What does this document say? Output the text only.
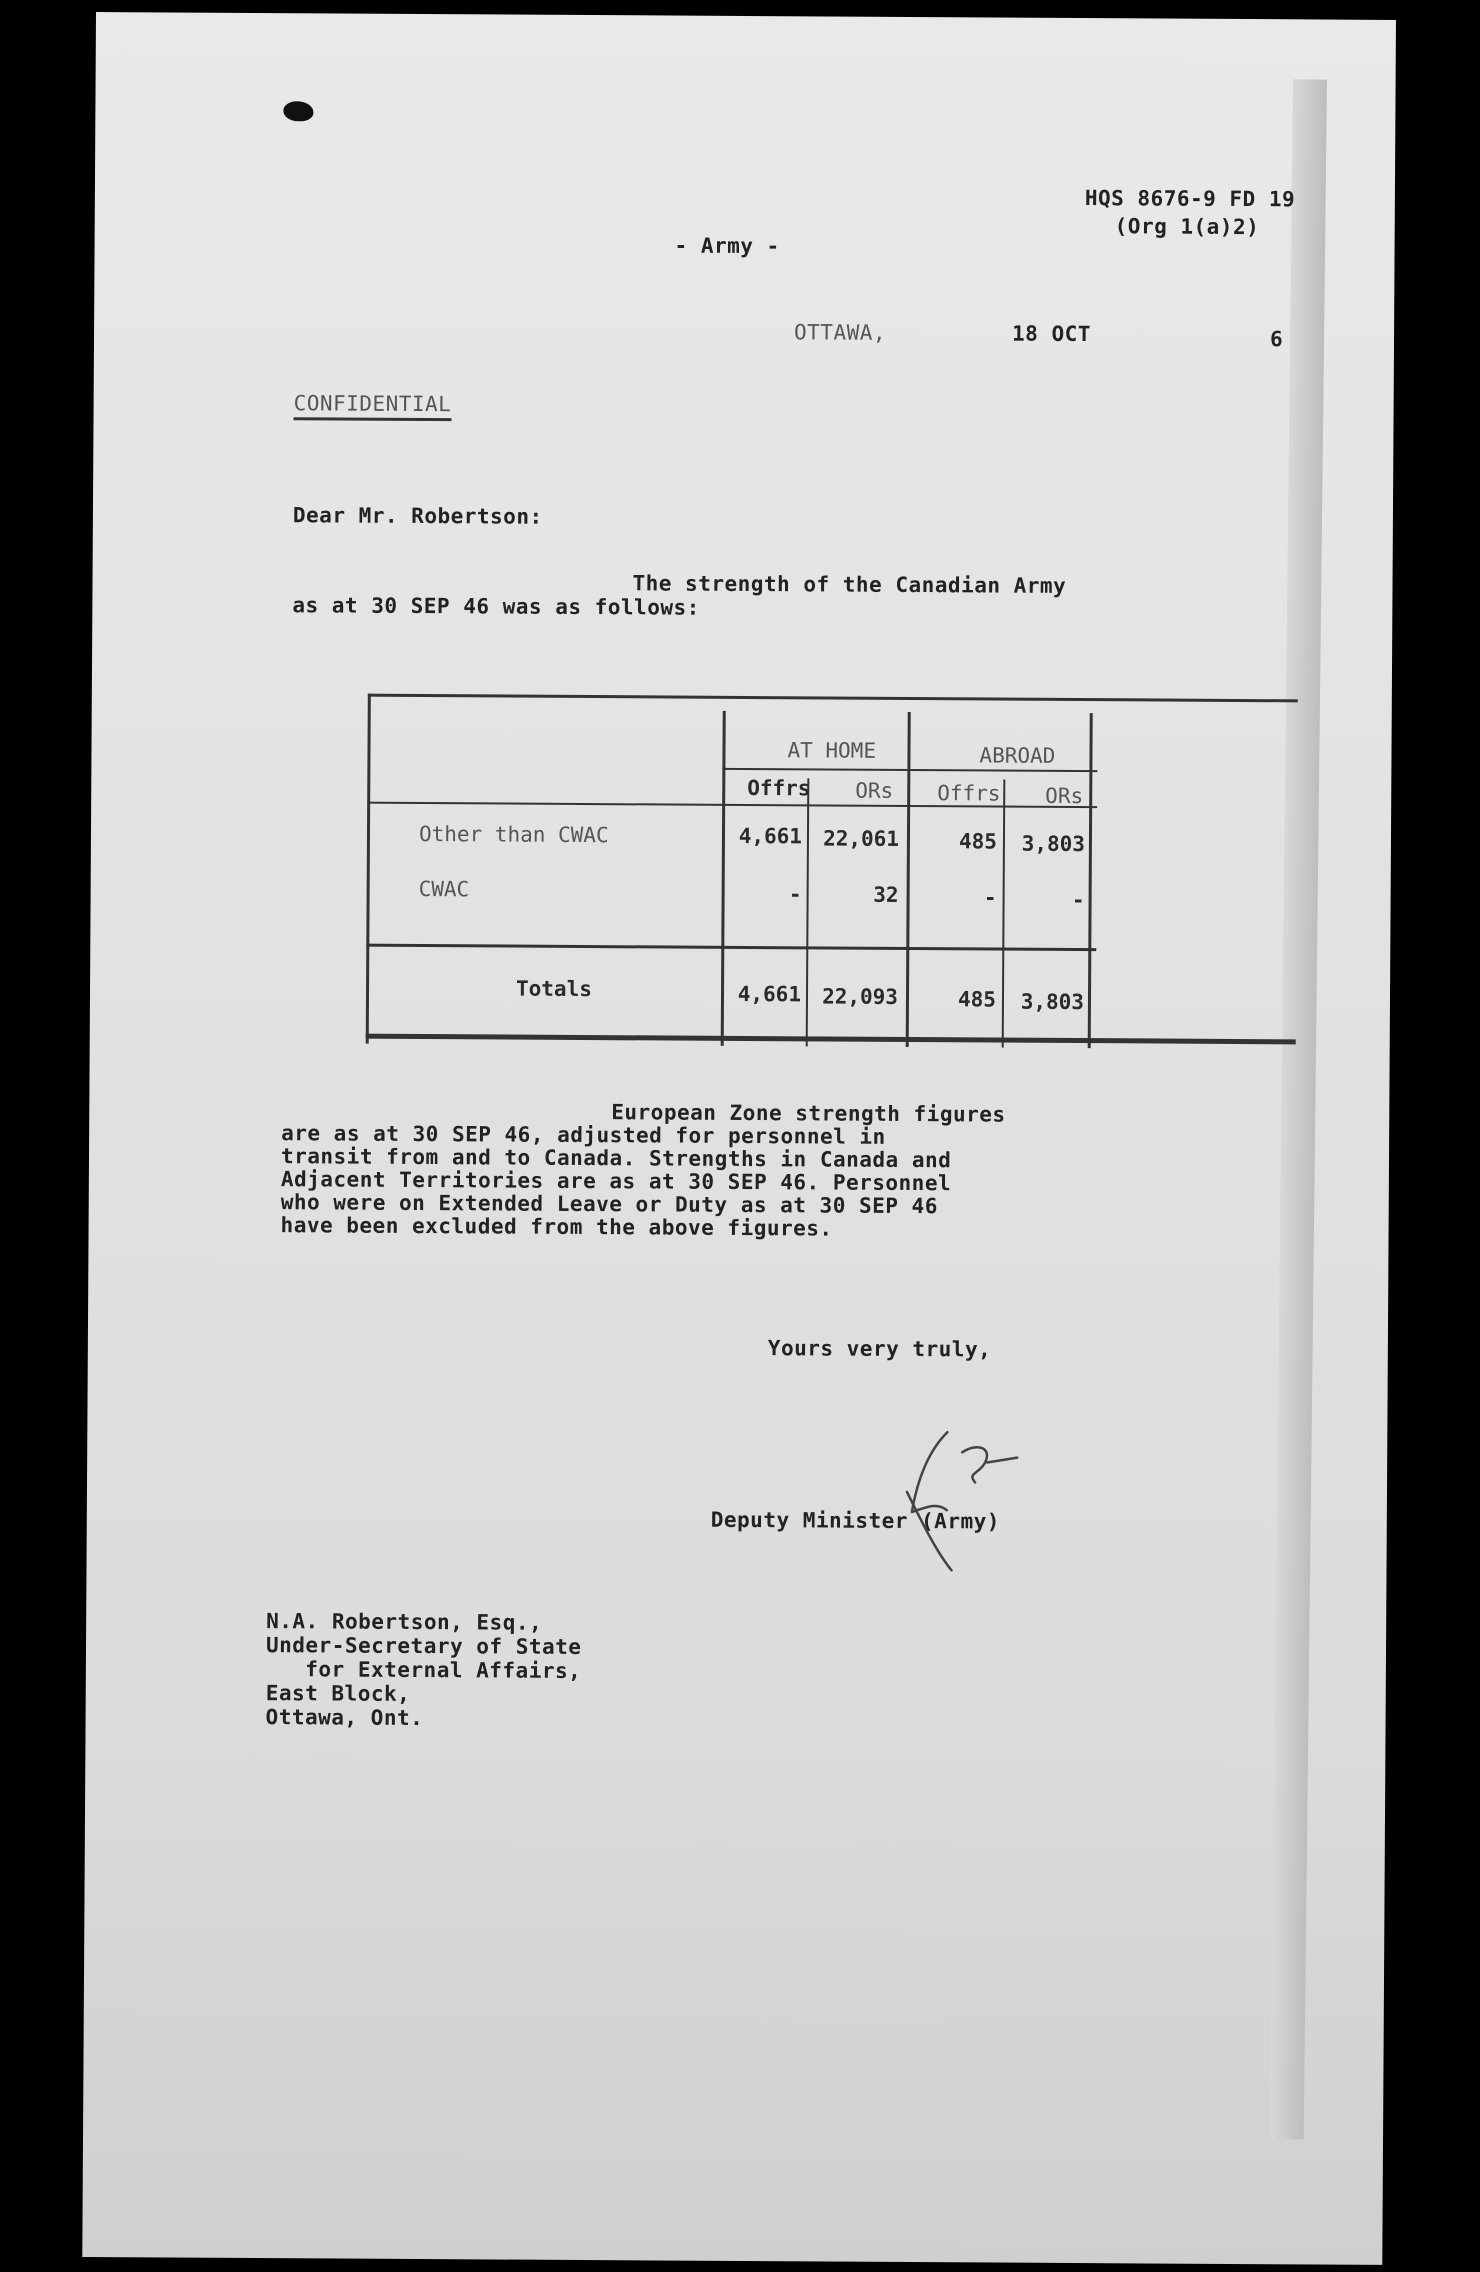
HQS 8676-9 FD 19
(Org 1(a)2)
- Army -
OTTAWA,	18 OCT	6
CONFIDENTIAL
Dear Mr. Robertson:
The strength of the Canadian Army
as at 30 SEP 46 was as follows:
AT HOME	ABROAD
Offrs ORs Offrs ORs
Other than CWAC	4,661 22,061	485	3,803
CWAC	-	32	-	-
Totals	4,661 22,093	485	3,803
European Zone strength figures
are as at 30 SEP 46, adjusted for personnel in
transit from and to Canada. Strengths in Canada and
Adjacent Territories are as at 30 SEP 46. Personnel
who were on Extended Leave or Duty as at 30 SEP 46
have been excluded from the above figures.
Yours very truly,
Deputy Minister (Army)
N.A. Robertson, Esq.,
Under-Secretary of State
for External Affairs,
East Block,
Ottawa, Ont.
